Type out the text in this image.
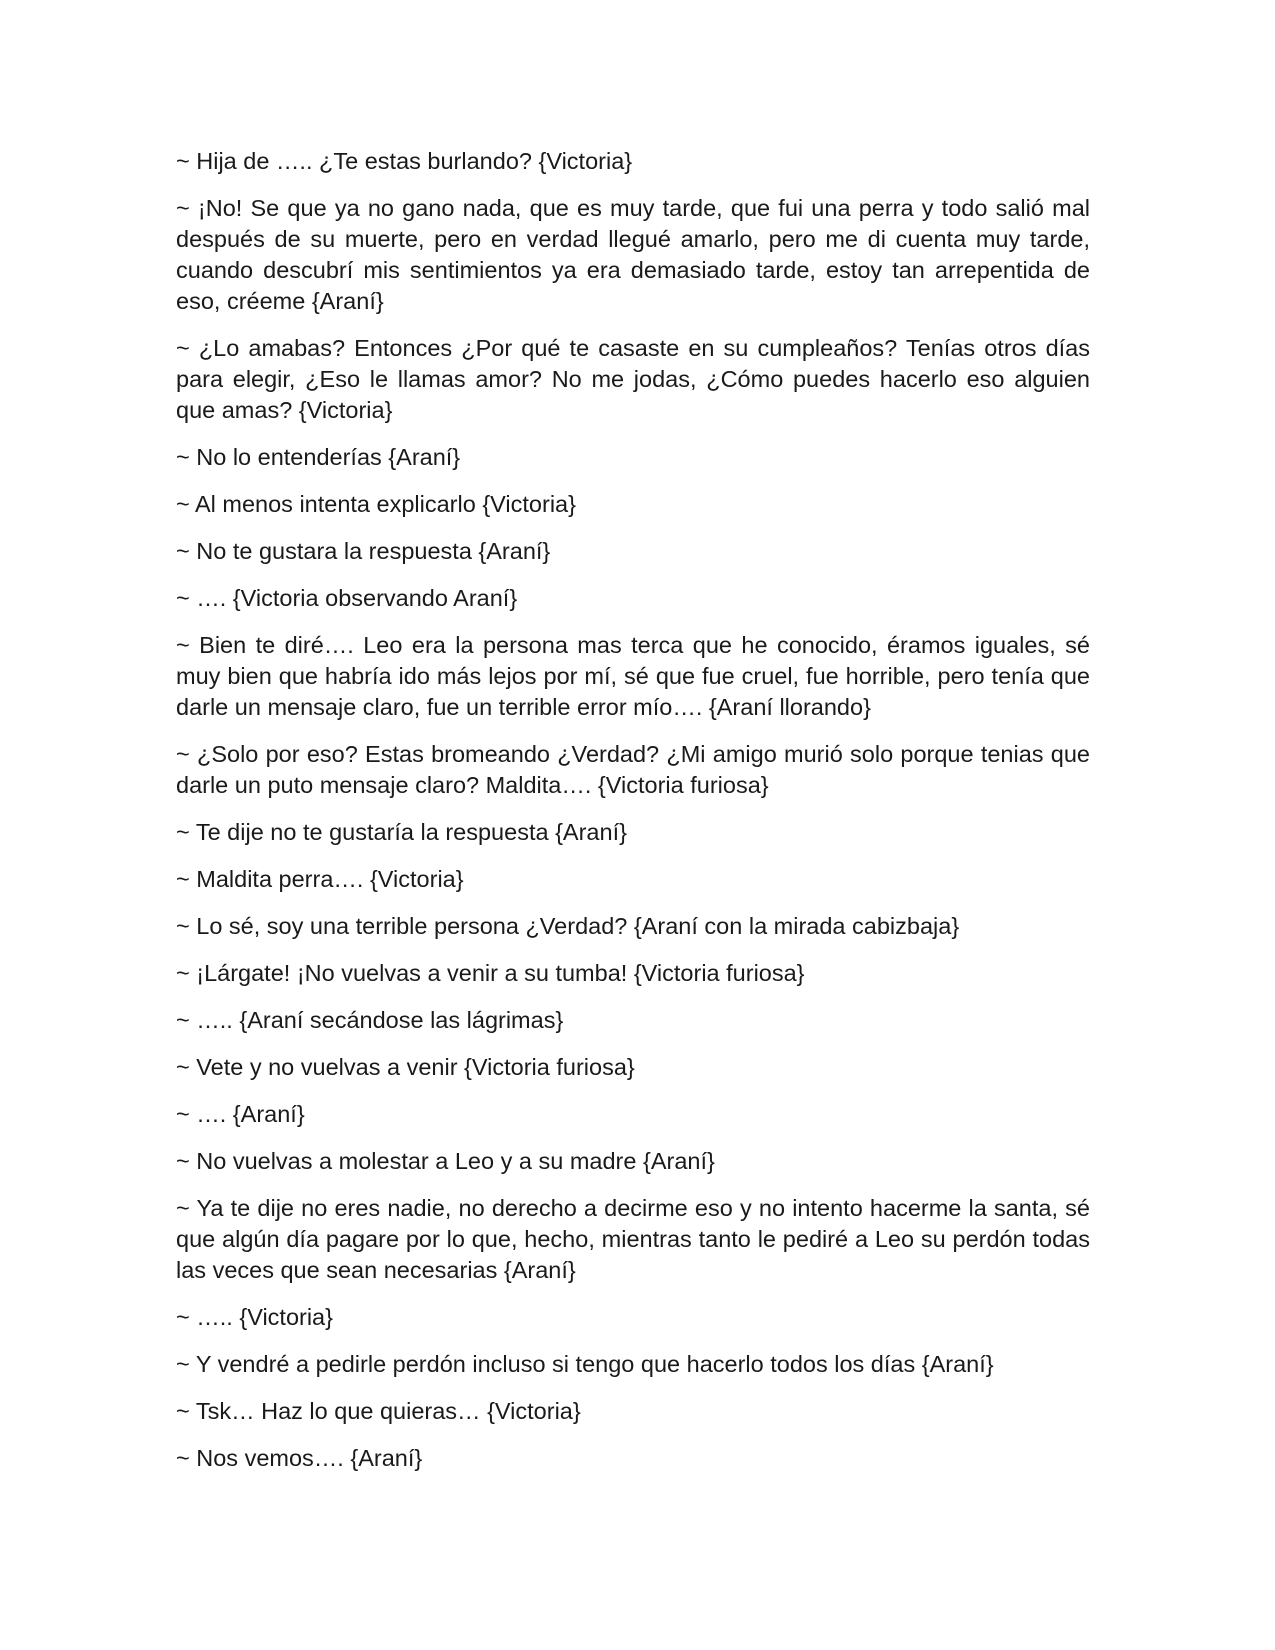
~ Hija de ….. ¿Te estas burlando? {Victoria}

~ ¡No! Se que ya no gano nada, que es muy tarde, que fui una perra y todo salió mal después de su muerte, pero en verdad llegué amarlo, pero me di cuenta muy tarde, cuando descubrí mis sentimientos ya era demasiado tarde, estoy tan arrepentida de eso, créeme {Araní}

~ ¿Lo amabas? Entonces ¿Por qué te casaste en su cumpleaños? Tenías otros días para elegir, ¿Eso le llamas amor? No me jodas, ¿Cómo puedes hacerlo eso alguien que amas? {Victoria}

~ No lo entenderías {Araní}

~ Al menos intenta explicarlo {Victoria}

~ No te gustara la respuesta {Araní}

~ …. {Victoria observando Araní}

~ Bien te diré…. Leo era la persona mas terca que he conocido, éramos iguales, sé muy bien que habría ido más lejos por mí, sé que fue cruel, fue horrible, pero tenía que darle un mensaje claro, fue un terrible error mío…. {Araní llorando}

~ ¿Solo por eso? Estas bromeando ¿Verdad? ¿Mi amigo murió solo porque tenias que darle un puto mensaje claro? Maldita…. {Victoria furiosa}

~ Te dije no te gustaría la respuesta {Araní}

~ Maldita perra…. {Victoria}

~ Lo sé, soy una terrible persona ¿Verdad? {Araní con la mirada cabizbaja}

~ ¡Lárgate! ¡No vuelvas a venir a su tumba! {Victoria furiosa}

~ ….. {Araní secándose las lágrimas}

~ Vete y no vuelvas a venir {Victoria furiosa}

~ …. {Araní}

~ No vuelvas a molestar a Leo y a su madre {Araní}

~ Ya te dije no eres nadie, no derecho a decirme eso y no intento hacerme la santa, sé que algún día pagare por lo que, hecho, mientras tanto le pediré a Leo su perdón todas las veces que sean necesarias {Araní}

~ ….. {Victoria}

~ Y vendré a pedirle perdón incluso si tengo que hacerlo todos los días {Araní}

~ Tsk… Haz lo que quieras… {Victoria}

~ Nos vemos…. {Araní}
